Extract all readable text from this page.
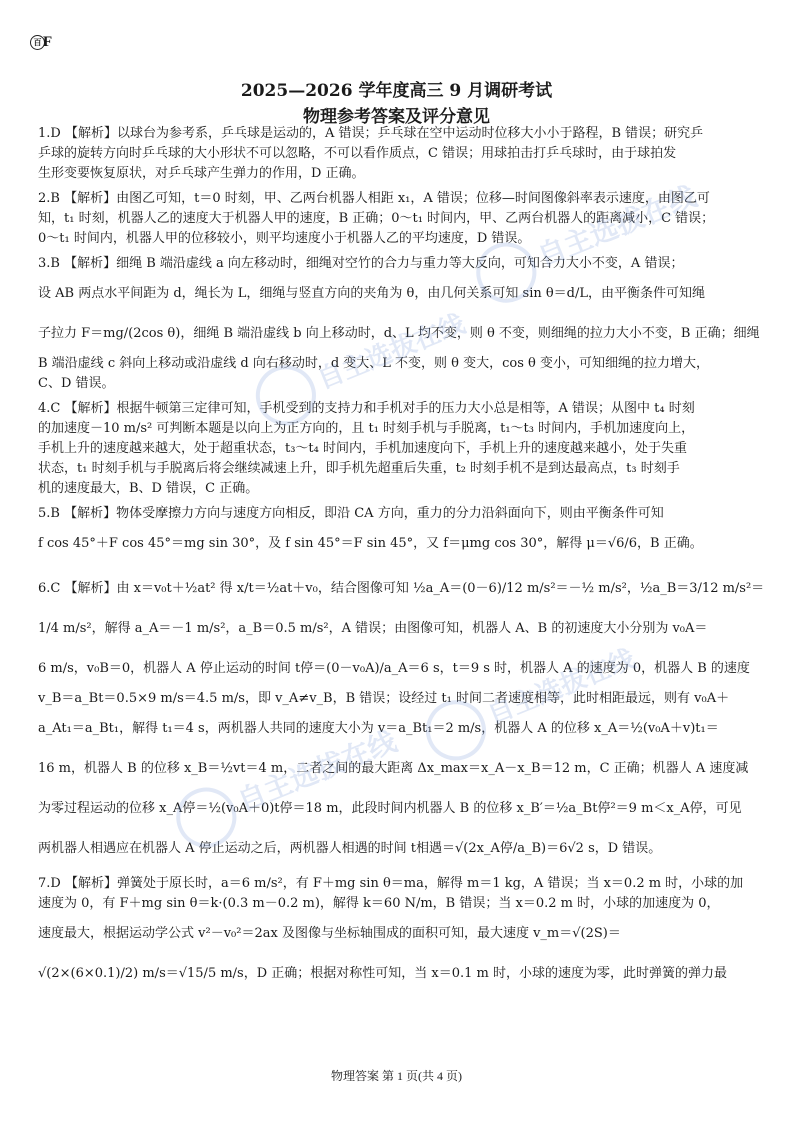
百 F
2025—2026 学年度高三 9 月调研考试
物理参考答案及评分意见
1.D 【解析】以球台为参考系，乒乓球是运动的，A 错误；乒乓球在空中运动时位移大小小于路程，B 错误；研究乒
乒球的旋转方向时乒乓球的大小形状不可以忽略，不可以看作质点，C 错误；用球拍击打乒乓球时，由于球拍发
生形变要恢复原状，对乒乓球产生弹力的作用，D 正确。
2.B 【解析】由图乙可知，t＝0 时刻，甲、乙两台机器人相距 x₁，A 错误；位移—时间图像斜率表示速度，由图乙可
知，t₁ 时刻，机器人乙的速度大于机器人甲的速度，B 正确；0～t₁ 时间内，甲、乙两台机器人的距离减小，C 错误；
0～t₁ 时间内，机器人甲的位移较小，则平均速度小于机器人乙的平均速度，D 错误。
3.B 【解析】细绳 B 端沿虚线 a 向左移动时，细绳对空竹的合力与重力等大反向，可知合力大小不变，A 错误；
设 AB 两点水平间距为 d，绳长为 L，细绳与竖直方向的夹角为 θ，由几何关系可知 sin θ＝d/L，由平衡条件可知绳
子拉力 F＝mg/(2cos θ)，细绳 B 端沿虚线 b 向上移动时，d、L 均不变，则 θ 不变，则细绳的拉力大小不变，B 正确；细绳
B 端沿虚线 c 斜向上移动或沿虚线 d 向右移动时，d 变大、L 不变，则 θ 变大，cos θ 变小，可知细绳的拉力增大，
C、D 错误。
4.C 【解析】根据牛顿第三定律可知，手机受到的支持力和手机对手的压力大小总是相等，A 错误；从图中 t₄ 时刻
的加速度－10 m/s² 可判断本题是以向上为正方向的，且 t₁ 时刻手机与手脱离，t₁～t₃ 时间内，手机加速度向上，
手机上升的速度越来越大，处于超重状态，t₃～t₄ 时间内，手机加速度向下，手机上升的速度越来越小，处于失重
状态，t₁ 时刻手机与手脱离后将会继续减速上升，即手机先超重后失重，t₂ 时刻手机不是到达最高点，t₃ 时刻手
机的速度最大，B、D 错误，C 正确。
5.B 【解析】物体受摩擦力方向与速度方向相反，即沿 CA 方向，重力的分力沿斜面向下，则由平衡条件可知
f cos 45°＋F cos 45°＝mg sin 30°，及 f sin 45°＝F sin 45°，又 f＝μmg cos 30°，解得 μ＝√6/6，B 正确。
6.C 【解析】由 x＝v₀t＋½at² 得 x/t＝½at＋v₀，结合图像可知 ½a_A＝(0－6)/12 m/s²＝－½ m/s²，½a_B＝3/12 m/s²＝
1/4 m/s²，解得 a_A＝－1 m/s²，a_B＝0.5 m/s²，A 错误；由图像可知，机器人 A、B 的初速度大小分别为 v₀A＝
6 m/s，v₀B＝0，机器人 A 停止运动的时间 t停＝(0－v₀A)/a_A＝6 s，t＝9 s 时，机器人 A 的速度为 0，机器人 B 的速度
v_B＝a_Bt＝0.5×9 m/s＝4.5 m/s，即 v_A≠v_B，B 错误；设经过 t₁ 时间二者速度相等，此时相距最远，则有 v₀A＋
a_At₁＝a_Bt₁，解得 t₁＝4 s，两机器人共同的速度大小为 v＝a_Bt₁＝2 m/s，机器人 A 的位移 x_A＝½(v₀A＋v)t₁＝
16 m，机器人 B 的位移 x_B＝½vt＝4 m，二者之间的最大距离 Δx_max＝x_A－x_B＝12 m，C 正确；机器人 A 速度减
为零过程运动的位移 x_A停＝½(v₀A＋0)t停＝18 m，此段时间内机器人 B 的位移 x_B′＝½a_Bt停²＝9 m＜x_A停，可见
两机器人相遇应在机器人 A 停止运动之后，两机器人相遇的时间 t相遇＝√(2x_A停/a_B)＝6√2 s，D 错误。
7.D 【解析】弹簧处于原长时，a＝6 m/s²，有 F＋mg sin θ＝ma，解得 m＝1 kg，A 错误；当 x＝0.2 m 时，小球的加
速度为 0，有 F＋mg sin θ＝k·(0.3 m－0.2 m)，解得 k＝60 N/m，B 错误；当 x＝0.2 m 时，小球的加速度为 0，
速度最大，根据运动学公式 v²－v₀²＝2ax 及图像与坐标轴围成的面积可知，最大速度 v_m＝√(2S)＝
√(2×(6×0.1)/2) m/s＝√15/5 m/s，D 正确；根据对称性可知，当 x＝0.1 m 时，小球的速度为零，此时弹簧的弹力最
自主选拔在线
自主选拔在线
自主选拔在线
自主选拔在线
物理答案 第 1 页(共 4 页)
